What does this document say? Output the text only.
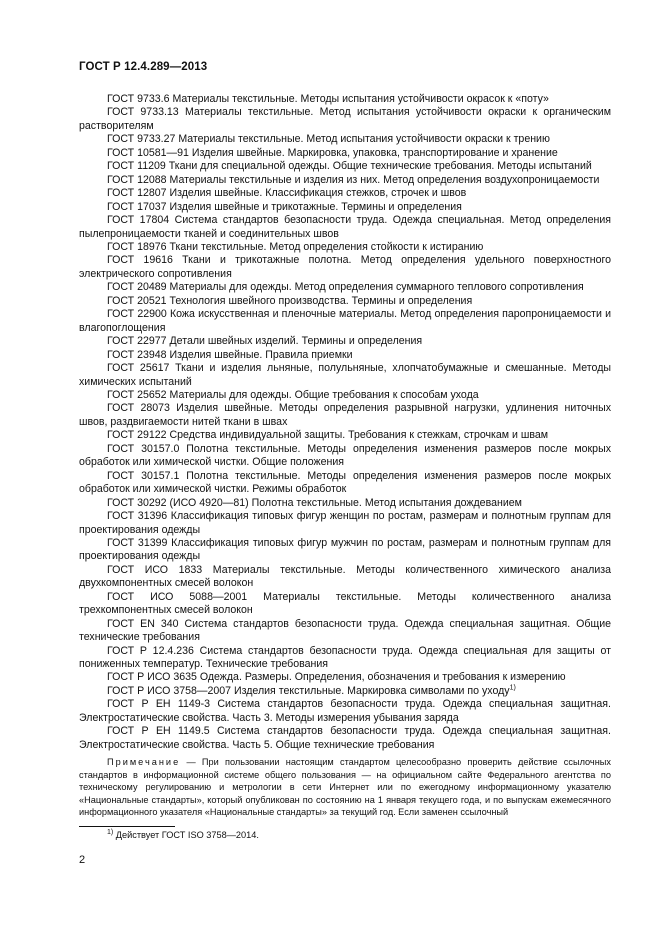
ГОСТ Р 12.4.289—2013

ГОСТ 9733.6 Материалы текстильные. Методы испытания устойчивости окрасок к «поту»

ГОСТ 9733.13 Материалы текстильные. Метод испытания устойчивости окраски к органическим растворителям

ГОСТ 9733.27 Материалы текстильные. Метод испытания устойчивости окраски к трению

ГОСТ 10581—91 Изделия швейные. Маркировка, упаковка, транспортирование и хранение

ГОСТ 11209 Ткани для специальной одежды. Общие технические требования. Методы испытаний

ГОСТ 12088 Материалы текстильные и изделия из них. Метод определения воздухопроницаемости

ГОСТ 12807 Изделия швейные. Классификация стежков, строчек и швов

ГОСТ 17037 Изделия швейные и трикотажные. Термины и определения

ГОСТ 17804 Система стандартов безопасности труда. Одежда специальная. Метод определения пылепроницаемости тканей и соединительных швов

ГОСТ 18976 Ткани текстильные. Метод определения стойкости к истиранию

ГОСТ 19616 Ткани и трикотажные полотна. Метод определения удельного поверхностного электрического сопротивления

ГОСТ 20489 Материалы для одежды. Метод определения суммарного теплового сопротивления

ГОСТ 20521 Технология швейного производства. Термины и определения

ГОСТ 22900 Кожа искусственная и пленочные материалы. Метод определения паропроницаемости и влагопоглощения

ГОСТ 22977 Детали швейных изделий. Термины и определения

ГОСТ 23948 Изделия швейные. Правила приемки

ГОСТ 25617 Ткани и изделия льняные, полульняные, хлопчатобумажные и смешанные. Методы химических испытаний

ГОСТ 25652 Материалы для одежды. Общие требования к способам ухода

ГОСТ 28073 Изделия швейные. Методы определения разрывной нагрузки, удлинения ниточных швов, раздвигаемости нитей ткани в швах

ГОСТ 29122 Средства индивидуальной защиты. Требования к стежкам, строчкам и швам

ГОСТ 30157.0 Полотна текстильные. Методы определения изменения размеров после мокрых обработок или химической чистки. Общие положения

ГОСТ 30157.1 Полотна текстильные. Методы определения изменения размеров после мокрых обработок или химической чистки. Режимы обработок

ГОСТ 30292 (ИСО 4920—81) Полотна текстильные. Метод испытания дождеванием

ГОСТ 31396 Классификация типовых фигур женщин по ростам, размерам и полнотным группам для проектирования одежды

ГОСТ 31399 Классификация типовых фигур мужчин по ростам, размерам и полнотным группам для проектирования одежды

ГОСТ ИСО 1833 Материалы текстильные. Методы количественного химического анализа двухкомпонентных смесей волокон

ГОСТ ИСО 5088—2001 Материалы текстильные. Методы количественного анализа трехкомпонентных смесей волокон

ГОСТ EN 340 Система стандартов безопасности труда. Одежда специальная защитная. Общие технические требования

ГОСТ Р 12.4.236 Система стандартов безопасности труда. Одежда специальная для защиты от пониженных температур. Технические требования

ГОСТ Р ИСО 3635 Одежда. Размеры. Определения, обозначения и требования к измерению

ГОСТ Р ИСО 3758—2007 Изделия текстильные. Маркировка символами по уходу$^{1)}$

ГОСТ Р ЕН 1149-3 Система стандартов безопасности труда. Одежда специальная защитная. Электростатические свойства. Часть 3. Методы измерения убывания заряда

ГОСТ Р ЕН 1149.5 Система стандартов безопасности труда. Одежда специальная защитная. Электростатические свойства. Часть 5. Общие технические требования

Примечание — При пользовании настоящим стандартом целесообразно проверить действие ссылочных стандартов в информационной системе общего пользования — на официальном сайте Федерального агентства по техническому регулированию и метрологии в сети Интернет или по ежегодному информационному указателю «Национальные стандарты», который опубликован по состоянию на 1 января текущего года, и по выпускам ежемесячного информационного указателя «Национальные стандарты» за текущий год. Если заменен ссылочный

$^{1)}$ Действует ГОСТ ISO 3758—2014.
2
